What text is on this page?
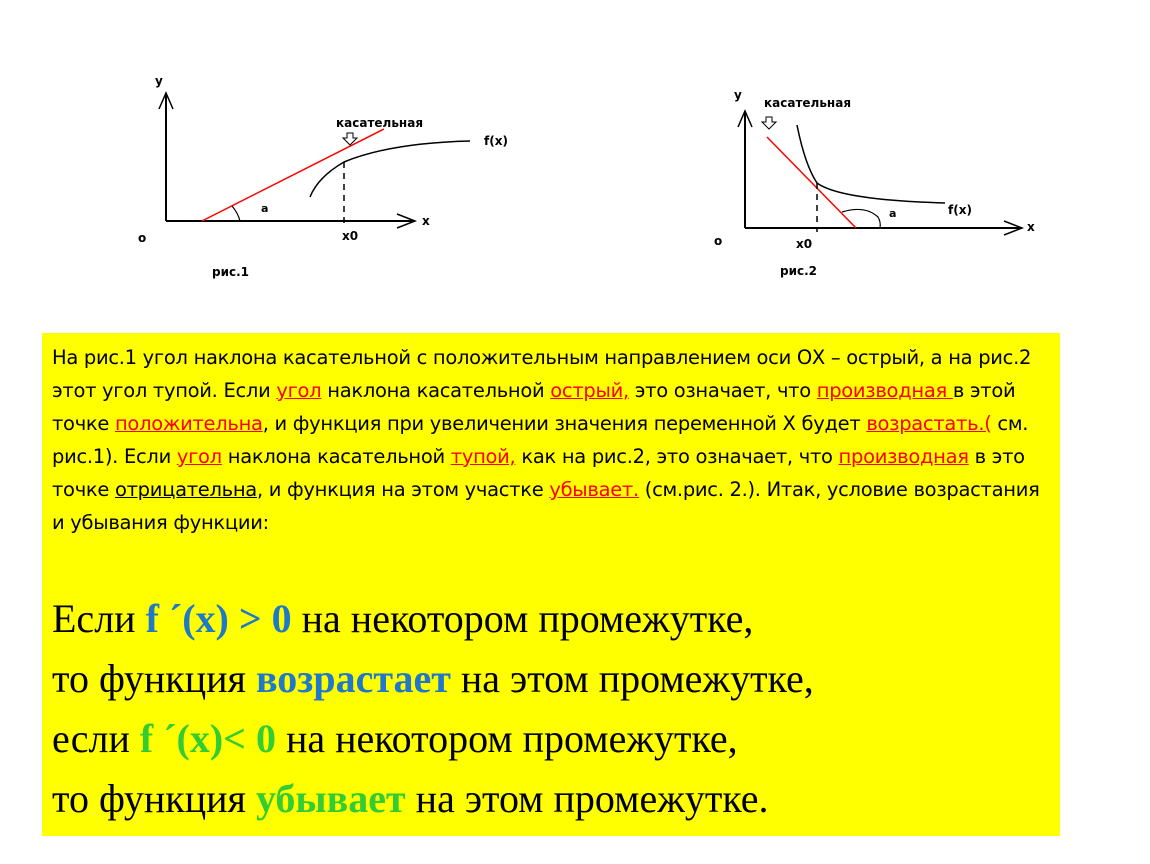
y
x
o	x0
касательная
f(x)
a
рис.1
y
x
o	x0
касательная
f(x)
a
рис.2

На рис.1 угол наклона касательной с положительным направлением оси ОХ – острый, а на рис.2 этот угол тупой. Если угол наклона касательной острый, это означает, что производная в этой точке положительна, и функция при увеличении значения переменной Х будет возрастать.( см. рис.1). Если угол наклона касательной тупой, как на рис.2, это означает, что производная в это точке отрицательна, и функция на этом участке убывает. (см.рис. 2.). Итак, условие возрастания и убывания функции:

Если f ´(x) > 0 на некотором промежутке,
то функция возрастает на этом промежутке,
если f ´(x)< 0 на некотором промежутке,
то функция убывает на этом промежутке.
